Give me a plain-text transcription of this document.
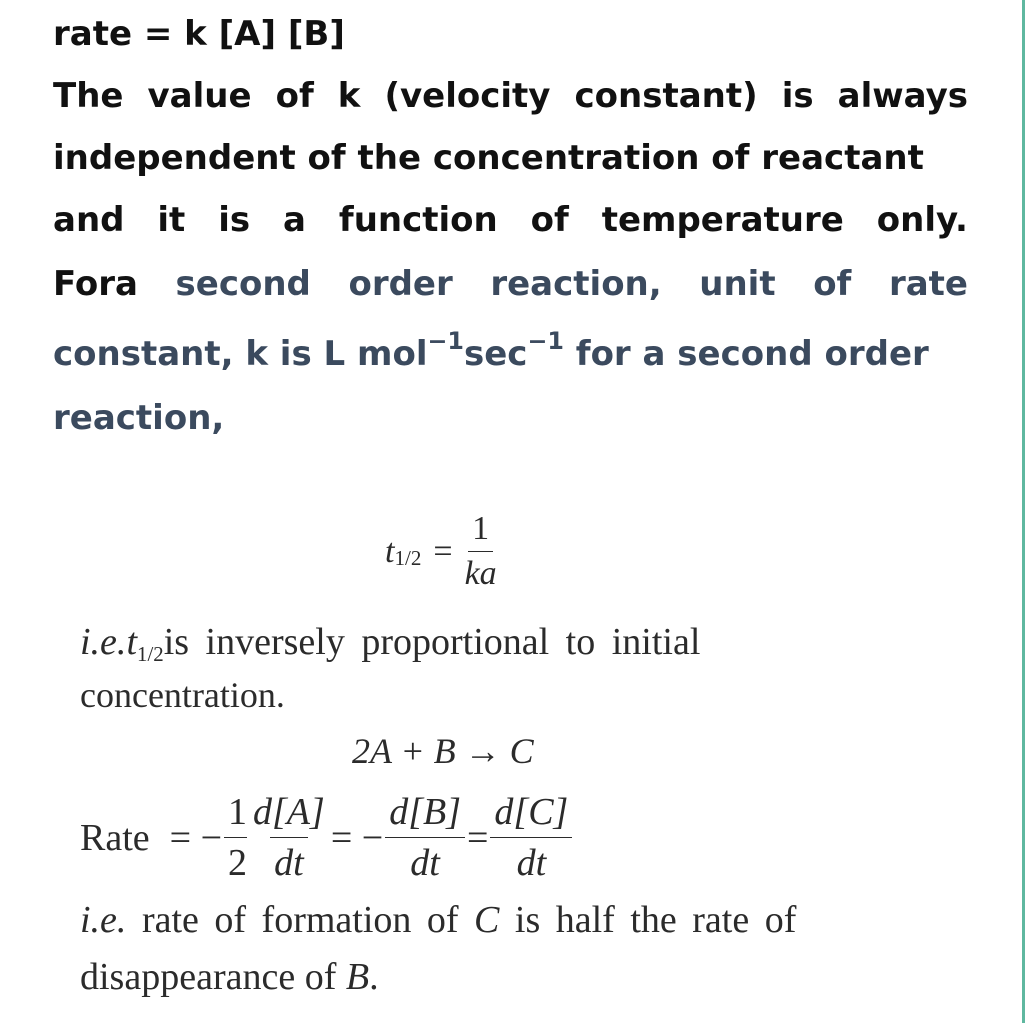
rate = k [A] [B]
The value of k (velocity constant) is always
independent of the concentration of reactant
and it is a function of temperature only.
Fora second order reaction, unit of rate
constant, k is L $mol^{-1}\sec^{-1}$ for a second order
reaction,
t $1/2 = \frac{1}{ka}$
i.e. t1/2 is inversely proportional to initial
concentration.
2A + B → C
Rate = − $\frac{1}{2} \frac{d[A]}{dt}$ = − $\frac{d[B]}{dt} = \frac{d[C]}{dt}$
i.e. rate of formation of C is half the rate of
disappearance of B.
